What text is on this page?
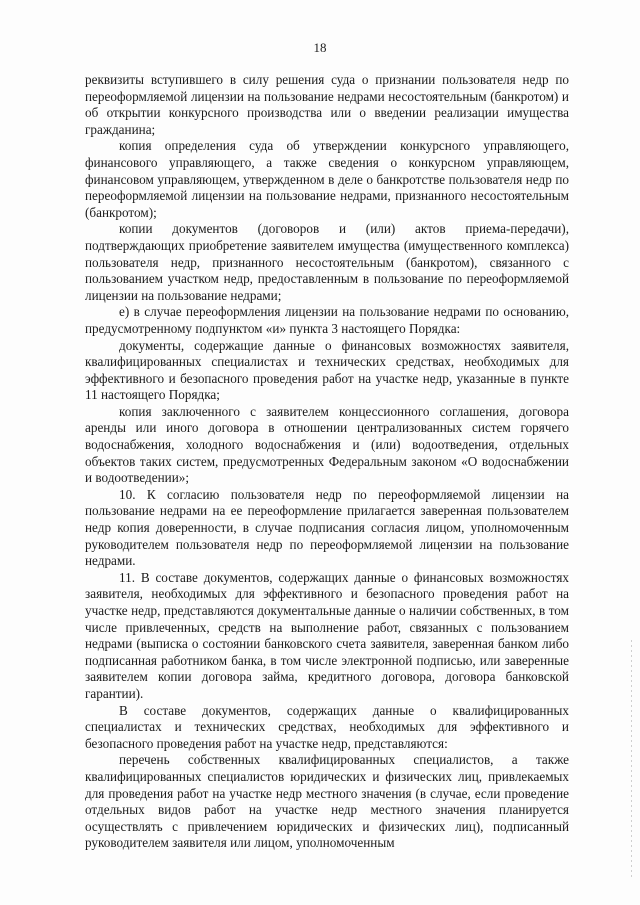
18

реквизиты вступившего в силу решения суда о признании пользователя недр по переоформляемой лицензии на пользование недрами несостоятельным (банкротом) и об открытии конкурсного производства или о введении реализации имущества гражданина;

копия определения суда об утверждении конкурсного управляющего, финансового управляющего, а также сведения о конкурсном управляющем, финансовом управляющем, утвержденном в деле о банкротстве пользователя недр по переоформляемой лицензии на пользование недрами, признанного несостоятельным (банкротом);

копии документов (договоров и (или) актов приема-передачи), подтверждающих приобретение заявителем имущества (имущественного комплекса) пользователя недр, признанного несостоятельным (банкротом), связанного с пользованием участком недр, предоставленным в пользование по переоформляемой лицензии на пользование недрами;

е) в случае переоформления лицензии на пользование недрами по основанию, предусмотренному подпунктом «и» пункта 3 настоящего Порядка:

документы, содержащие данные о финансовых возможностях заявителя, квалифицированных специалистах и технических средствах, необходимых для эффективного и безопасного проведения работ на участке недр, указанные в пункте 11 настоящего Порядка;

копия заключенного с заявителем концессионного соглашения, договора аренды или иного договора в отношении централизованных систем горячего водоснабжения, холодного водоснабжения и (или) водоотведения, отдельных объектов таких систем, предусмотренных Федеральным законом «О водоснабжении и водоотведении»;

10. К согласию пользователя недр по переоформляемой лицензии на пользование недрами на ее переоформление прилагается заверенная пользователем недр копия доверенности, в случае подписания согласия лицом, уполномоченным руководителем пользователя недр по переоформляемой лицензии на пользование недрами.

11. В составе документов, содержащих данные о финансовых возможностях заявителя, необходимых для эффективного и безопасного проведения работ на участке недр, представляются документальные данные о наличии собственных, в том числе привлеченных, средств на выполнение работ, связанных с пользованием недрами (выписка о состоянии банковского счета заявителя, заверенная банком либо подписанная работником банка, в том числе электронной подписью, или заверенные заявителем копии договора займа, кредитного договора, договора банковской гарантии).

В составе документов, содержащих данные о квалифицированных специалистах и технических средствах, необходимых для эффективного и безопасного проведения работ на участке недр, представляются:

перечень собственных квалифицированных специалистов, а также квалифицированных специалистов юридических и физических лиц, привлекаемых для проведения работ на участке недр местного значения (в случае, если проведение отдельных видов работ на участке недр местного значения планируется осуществлять с привлечением юридических и физических лиц), подписанный руководителем заявителя или лицом, уполномоченным
